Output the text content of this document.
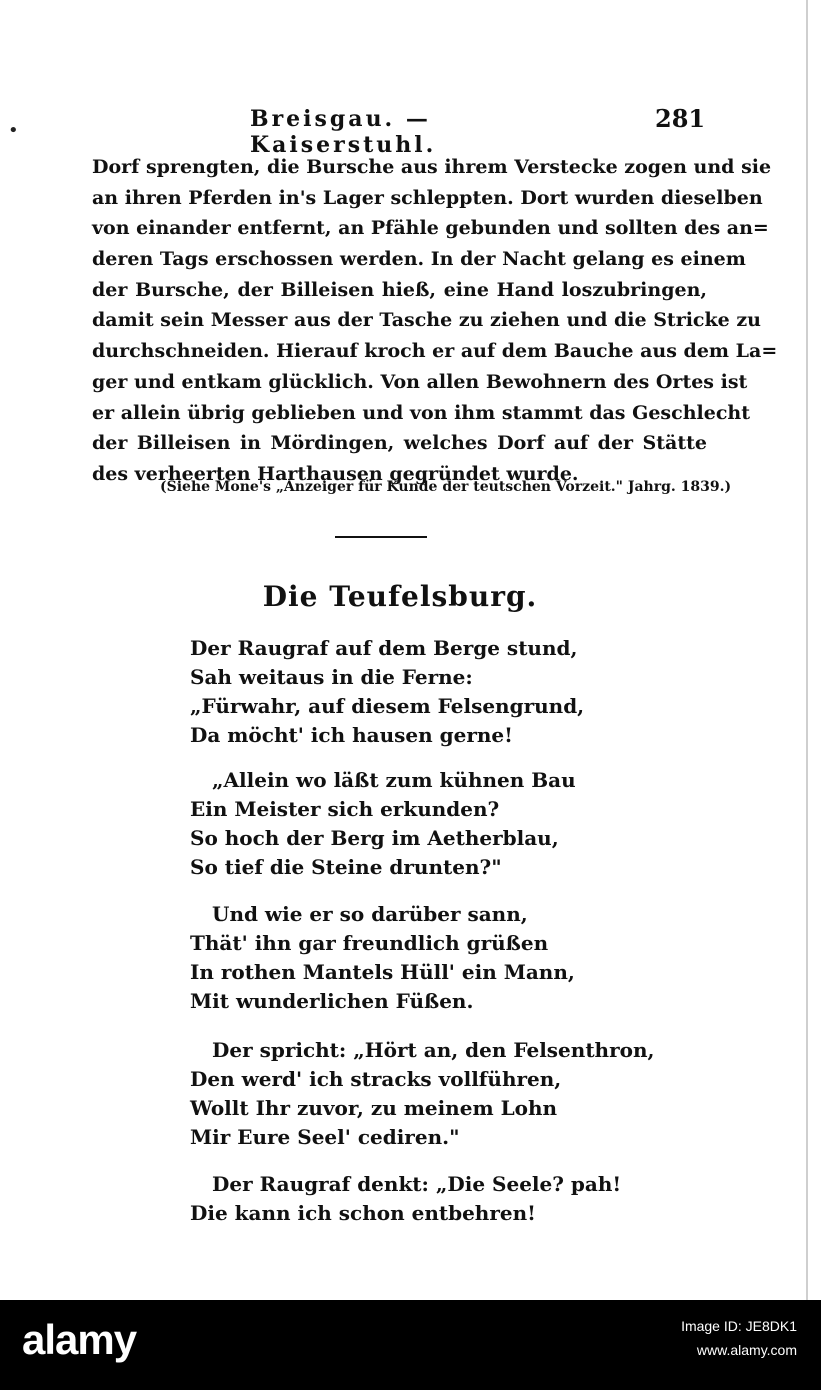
•	Breisgau. — Kaiserstuhl.
281
Dorf sprengten, die Bursche aus ihrem Verstecke zogen und sie
an ihren Pferden in's Lager schleppten. Dort wurden dieselben
von einander entfernt, an Pfähle gebunden und sollten des an=
deren Tags erschossen werden. In der Nacht gelang es einem
der Bursche, der Billeisen hieß, eine Hand loszubringen,
damit sein Messer aus der Tasche zu ziehen und die Stricke zu
durchschneiden. Hierauf kroch er auf dem Bauche aus dem La=
ger und entkam glücklich. Von allen Bewohnern des Ortes ist
er allein übrig geblieben und von ihm stammt das Geschlecht
der Billeisen in Mördingen, welches Dorf auf der Stätte
des verheerten Harthausen gegründet wurde.
(Siehe Mone's „Anzeiger für Kunde der teutschen Vorzeit." Jahrg. 1839.)
Die Teufelsburg.
Der Raugraf auf dem Berge stund,
Sah weitaus in die Ferne:
„Fürwahr, auf diesem Felsengrund,
Da möcht' ich hausen gerne!
„Allein wo läßt zum kühnen Bau
Ein Meister sich erkunden?
So hoch der Berg im Aetherblau,
So tief die Steine drunten?"
Und wie er so darüber sann,
Thät' ihn gar freundlich grüßen
In rothen Mantels Hüll' ein Mann,
Mit wunderlichen Füßen.
Der spricht: „Hört an, den Felsenthron,
Den werd' ich stracks vollführen,
Wollt Ihr zuvor, zu meinem Lohn
Mir Eure Seel' cediren."
Der Raugraf denkt: „Die Seele? pah!
Die kann ich schon entbehren!
alamy	Image ID: JE8DK1
www.alamy.com
